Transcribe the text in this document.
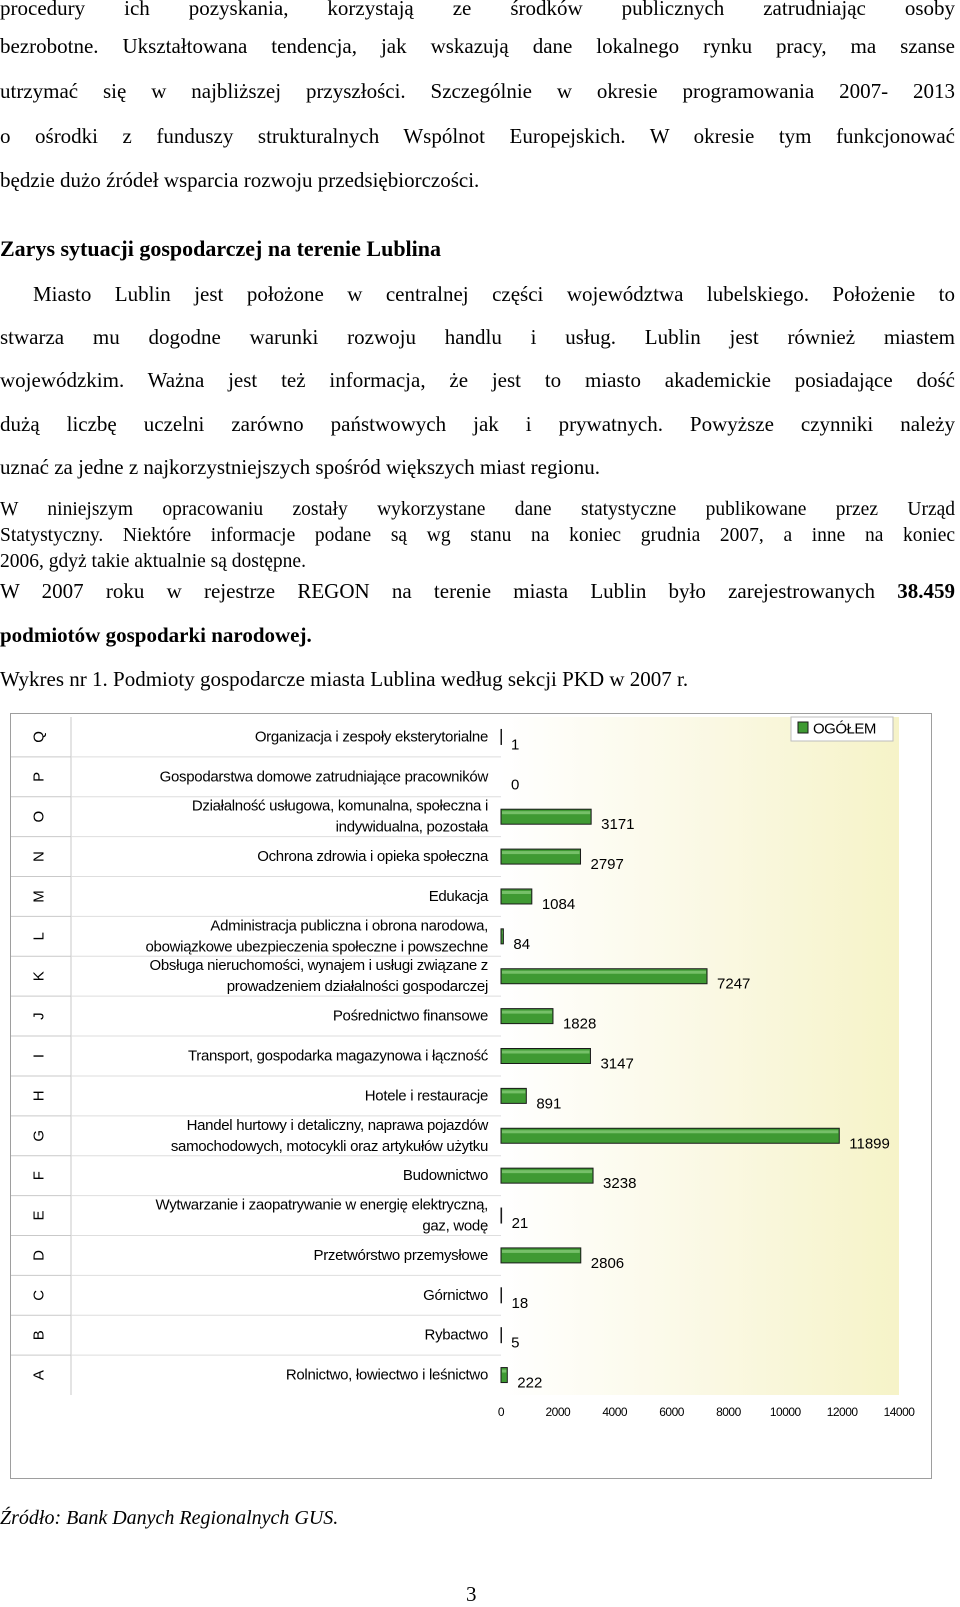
procedury ich pozyskania, korzystają ze środków publicznych zatrudniając osoby
bezrobotne. Ukształtowana tendencja, jak wskazują dane lokalnego rynku pracy, ma szanse
utrzymać się w najbliższej przyszłości. Szczególnie w okresie programowania 2007- 2013
o ośrodki z funduszy strukturalnych Wspólnot Europejskich. W okresie tym funkcjonować
będzie dużo źródeł wsparcia rozwoju przedsiębiorczości.
Zarys sytuacji gospodarczej na terenie Lublina
Miasto Lublin jest położone w centralnej części województwa lubelskiego. Położenie to
stwarza mu dogodne warunki rozwoju handlu i usług. Lublin jest również miastem
wojewódzkim. Ważna jest też informacja, że jest to miasto akademickie posiadające dość
dużą liczbę uczelni zarówno państwowych jak i prywatnych. Powyższe czynniki należy
uznać za jedne z najkorzystniejszych spośród większych miast regionu.
W niniejszym opracowaniu zostały wykorzystane dane statystyczne publikowane przez Urząd
Statystyczny. Niektóre informacje podane są wg stanu na koniec grudnia 2007, a inne na koniec
2006, gdyż takie aktualnie są dostępne.
W 2007 roku w rejestrze REGON na terenie miasta Lublin było zarejestrowanych 38.459
podmiotów gospodarki narodowej.
Wykres nr 1. Podmioty gospodarcze miasta Lublina według sekcji PKD w 2007 r.
Q	Organizacja i zespoły eksterytorialne 1
P	Gospodarstwa domowe zatrudniające pracowników 0
O
Działalność usługowa, komunalna, społeczna i
indywidualna, pozostała	3171
N	Ochrona zdrowia i opieka społeczna	2797
M	Edukacja	1084
L
Administracja publiczna i obrona narodowa,
obowiązkowe ubezpieczenia społeczne i powszechne 84
K
Obsługa nieruchomości, wynajem i usługi związane z
prowadzeniem działalności gospodarczej	7247
J	Pośrednictwo finansowe	1828
I	Transport, gospodarka magazynowa i łączność	3147
H	Hotele i restauracje	891
G
Handel hurtowy i detaliczny, naprawa pojazdów
samochodowych, motocykli oraz artykułów użytku	11899
F	Budownictwo	3238
E
Wytwarzanie i zaopatrywanie w energię elektryczną,
gaz, wodę 21
D	Przetwórstwo przemysłowe	2806
C	Górnictwo 18
B	Rybactwo 5
A	Rolnictwo, łowiectwo i leśnictwo 222
0	2000	4000	6000	8000 10000 12000 14000
OGÓŁEM
Źródło: Bank Danych Regionalnych GUS.
3
